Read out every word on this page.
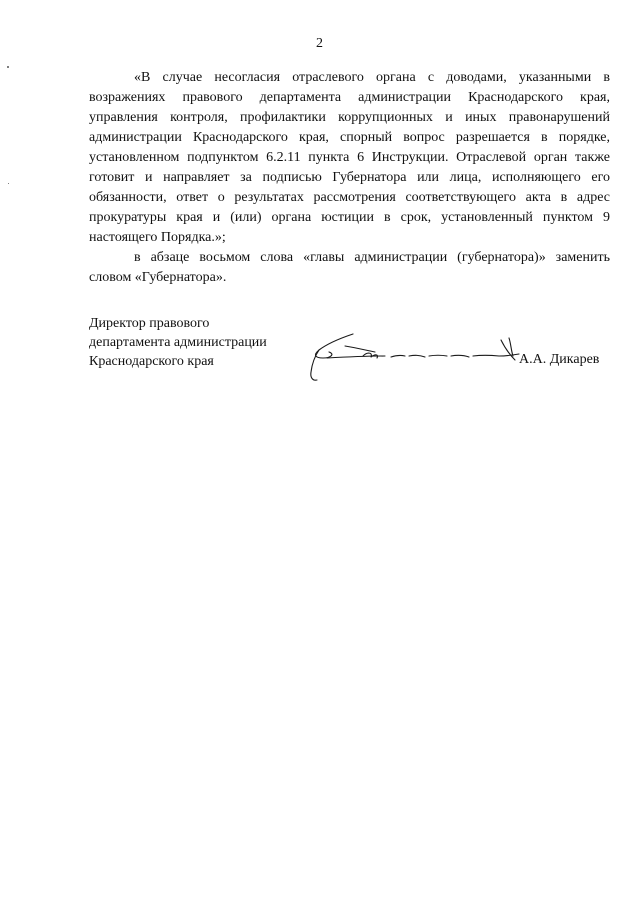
2

«В случае несогласия отраслевого органа с доводами, указанными в возражениях правового департамента администрации Краснодарского края, управления контроля, профилактики коррупционных и иных правонарушений администрации Краснодарского края, спорный вопрос разрешается в порядке, установленном подпунктом 6.2.11 пункта 6 Инструкции. Отраслевой орган также готовит и направляет за подписью Губернатора или лица, исполняющего его обязанности, ответ о результатах рассмотрения соответствующего акта в адрес прокуратуры края и (или) органа юстиции в срок, установленный пунктом 9 настоящего Порядка.»;

в абзаце восьмом слова «главы администрации (губернатора)» заменить словом «Губернатора».

Директор правового
департамента администрации
Краснодарского края	А.А. Дикарев
